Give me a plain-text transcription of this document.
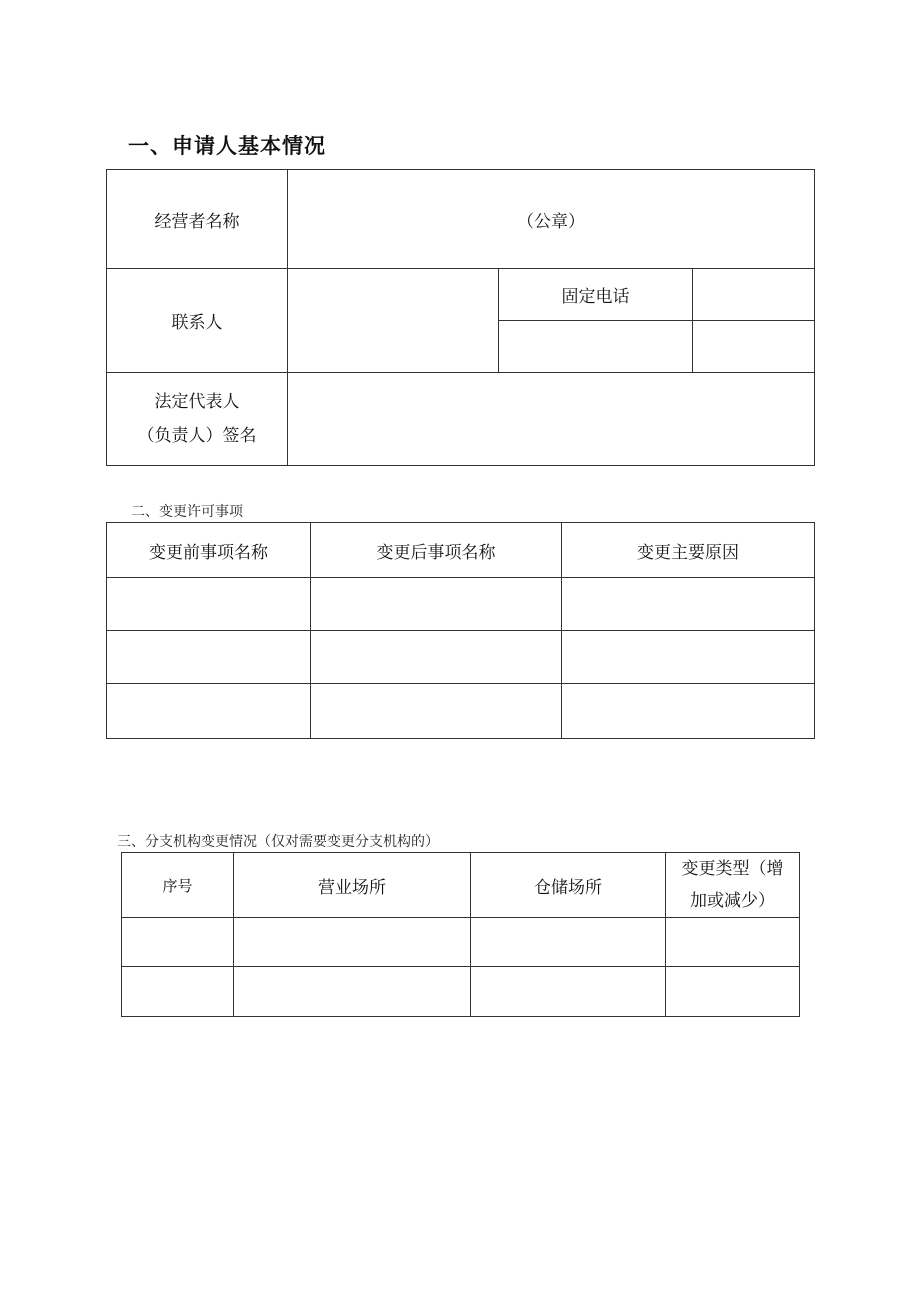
一、申请人基本情况
经营者名称	（公章）		
联系人		固定电话	

法定代表人
（负责人）签名			

二、变更许可事项
变更前事项名称	变更后事项名称	变更主要原因

三、分支机构变更情况（仅对需要变更分支机构的）
序号	营业场所	仓储场所	变更类型（增
加或减少）
